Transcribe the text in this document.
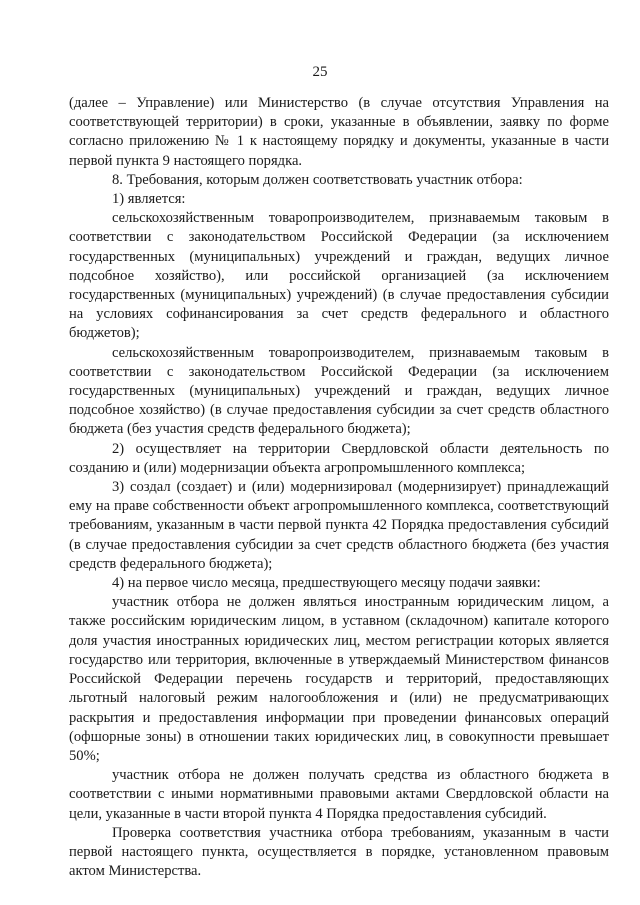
25

(далее – Управление) или Министерство (в случае отсутствия Управления на соответствующей территории) в сроки, указанные в объявлении, заявку по форме согласно приложению № 1 к настоящему порядку и документы, указанные в части первой пункта 9 настоящего порядка.

8. Требования, которым должен соответствовать участник отбора:

1) является:

сельскохозяйственным товаропроизводителем, признаваемым таковым в соответствии с законодательством Российской Федерации (за исключением государственных (муниципальных) учреждений и граждан, ведущих личное подсобное хозяйство), или российской организацией (за исключением государственных (муниципальных) учреждений) (в случае предоставления субсидии на условиях софинансирования за счет средств федерального и областного бюджетов);

сельскохозяйственным товаропроизводителем, признаваемым таковым в соответствии с законодательством Российской Федерации (за исключением государственных (муниципальных) учреждений и граждан, ведущих личное подсобное хозяйство) (в случае предоставления субсидии за счет средств областного бюджета (без участия средств федерального бюджета);

2) осуществляет на территории Свердловской области деятельность по созданию и (или) модернизации объекта агропромышленного комплекса;

3) создал (создает) и (или) модернизировал (модернизирует) принадлежащий ему на праве собственности объект агропромышленного комплекса, соответствующий требованиям, указанным в части первой пункта 42 Порядка предоставления субсидий (в случае предоставления субсидии за счет средств областного бюджета (без участия средств федерального бюджета);

4) на первое число месяца, предшествующего месяцу подачи заявки:

участник отбора не должен являться иностранным юридическим лицом, а также российским юридическим лицом, в уставном (складочном) капитале которого доля участия иностранных юридических лиц, местом регистрации которых является государство или территория, включенные в утверждаемый Министерством финансов Российской Федерации перечень государств и территорий, предоставляющих льготный налоговый режим налогообложения и (или) не предусматривающих раскрытия и предоставления информации при проведении финансовых операций (офшорные зоны) в отношении таких юридических лиц, в совокупности превышает 50%;

участник отбора не должен получать средства из областного бюджета в соответствии с иными нормативными правовыми актами Свердловской области на цели, указанные в части второй пункта 4 Порядка предоставления субсидий.

Проверка соответствия участника отбора требованиям, указанным в части первой настоящего пункта, осуществляется в порядке, установленном правовым актом Министерства.
